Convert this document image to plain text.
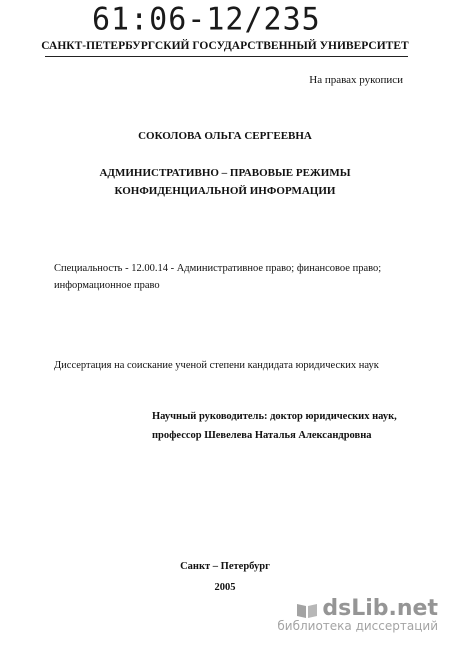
61:06-12/235
САНКТ-ПЕТЕРБУРГСКИЙ ГОСУДАРСТВЕННЫЙ УНИВЕРСИТЕТ
На правах рукописи
СОКОЛОВА ОЛЬГА СЕРГЕЕВНА
АДМИНИСТРАТИВНО – ПРАВОВЫЕ РЕЖИМЫ
КОНФИДЕНЦИАЛЬНОЙ ИНФОРМАЦИИ
Специальность - 12.00.14 - Административное право; финансовое право;
информационное право
Диссертация на соискание ученой степени кандидата юридических наук
Научный руководитель: доктор юридических наук,
профессор Шевелева Наталья Александровна
Санкт – Петербург
2005
dsLib.net
библиотека диссертаций
